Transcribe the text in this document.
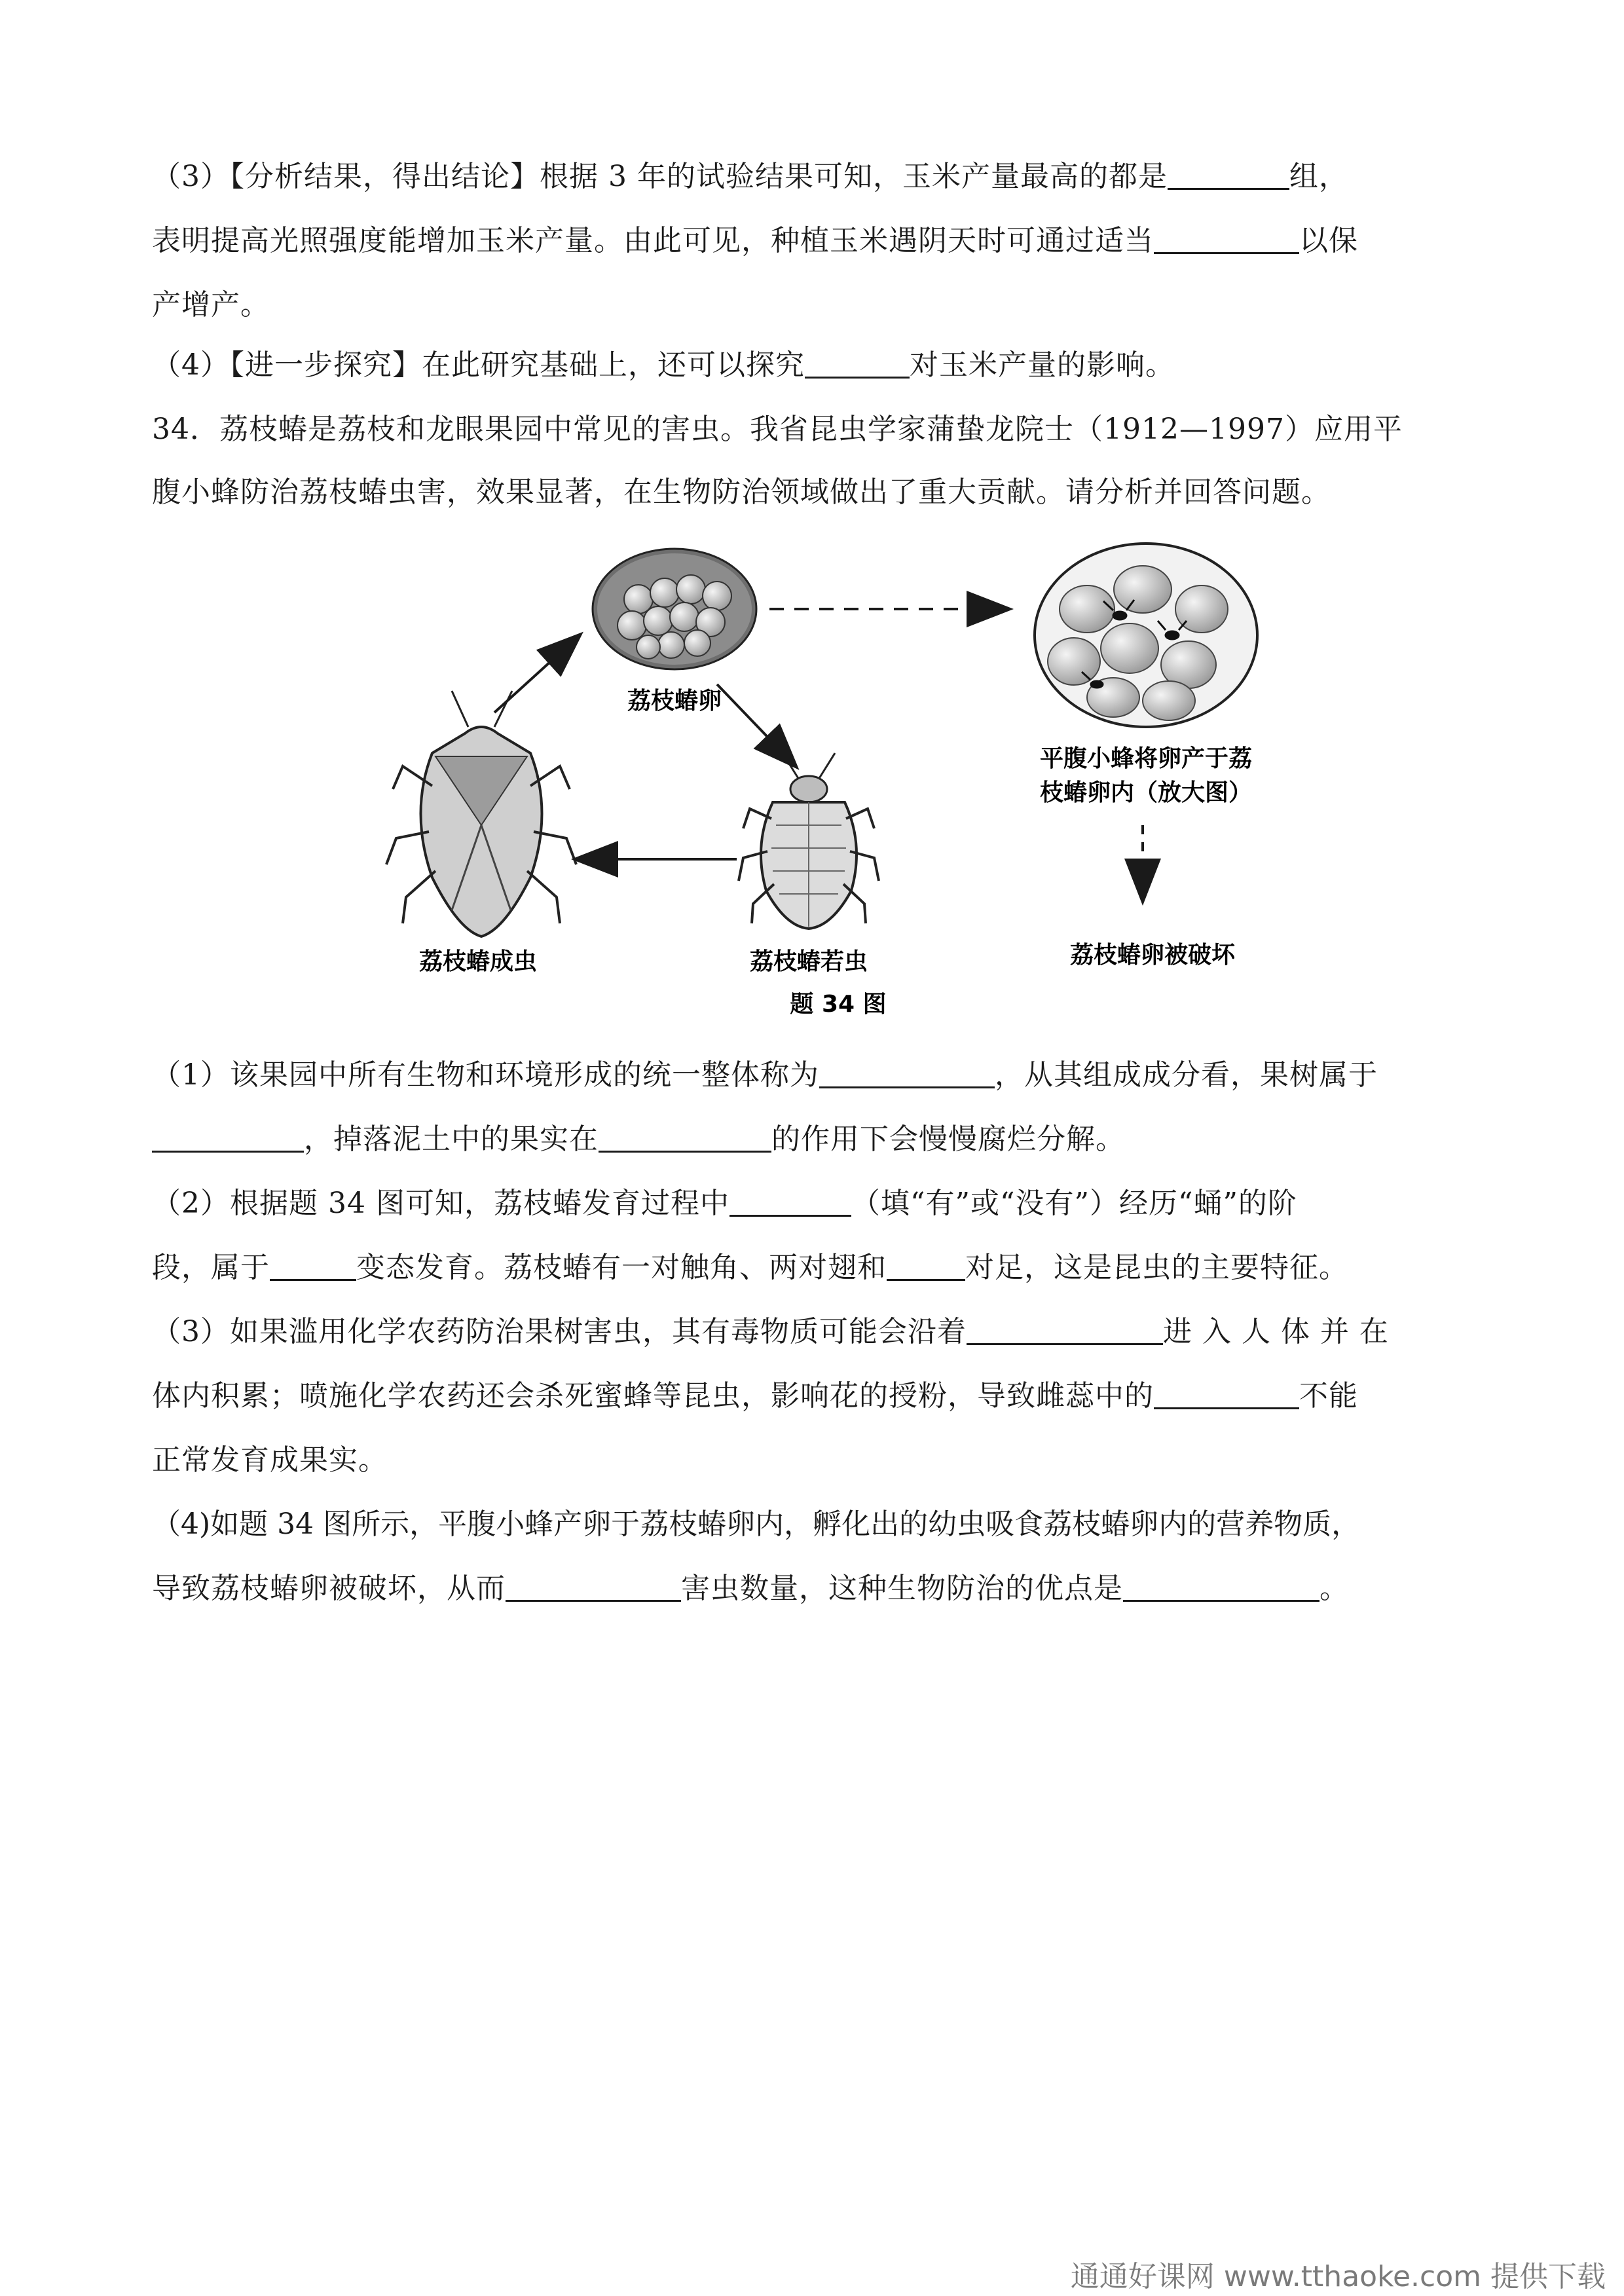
（3）【分析结果，得出结论】根据 3 年的试验结果可知，玉米产量最高的都是	组，
表明提高光照强度能增加玉米产量。由此可见，种植玉米遇阴天时可通过适当	以保
产增产。
（4）【进一步探究】在此研究基础上，还可以探究	对玉米产量的影响。
34．荔枝蝽是荔枝和龙眼果园中常见的害虫。我省昆虫学家蒲蛰龙院士（1912—1997）应用平
腹小蜂防治荔枝蝽虫害，效果显著，在生物防治领域做出了重大贡献。请分析并回答问题。
荔枝蝽卵
平腹小蜂将卵产于荔
枝蝽卵内（放大图）
荔枝蝽成虫	荔枝蝽若虫	荔枝蝽卵被破坏
题 34 图
（1）该果园中所有生物和环境形成的统一整体称为	，从其组成成分看，果树属于
，掉落泥土中的果实在	的作用下会慢慢腐烂分解。
（2）根据题 34 图可知，荔枝蝽发育过程中	（填“有”或“没有”）经历“蛹”的阶
段，属于	变态发育。荔枝蝽有一对触角、两对翅和	对足，这是昆虫的主要特征。
（3）如果滥用化学农药防治果树害虫，其有毒物质可能会沿着	进 入 人 体 并 在
体内积累；喷施化学农药还会杀死蜜蜂等昆虫，影响花的授粉，导致雌蕊中的	不能
正常发育成果实。
（4)如题 34 图所示，平腹小蜂产卵于荔枝蝽卵内，孵化出的幼虫吸食荔枝蝽卵内的营养物质，
导致荔枝蝽卵被破坏，从而	害虫数量，这种生物防治的优点是	。
通通好课网 www.tthaoke.com 提供下载
